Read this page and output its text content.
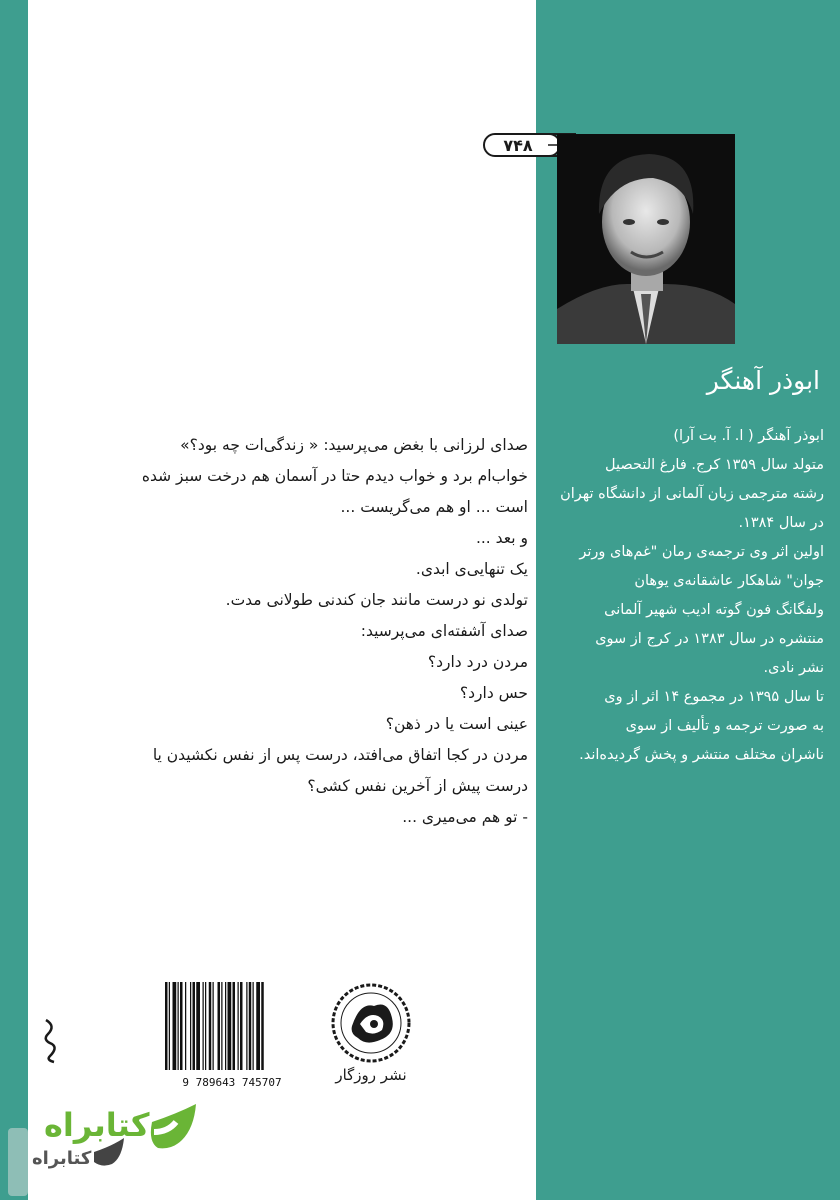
۷۴۸
ابوذر آهنگر

ابوذر آهنگر ( ا. آ. بت آرا)

متولد سال ۱۳۵۹ کرج. فارغ التحصیل

رشته مترجمی زبان آلمانی از دانشگاه تهران

در سال ۱۳۸۴.

اولین اثر وی ترجمه‌ی رمان "غم‌های ورتر

جوان" شاهکار عاشقانه‌ی یوهان

ولفگانگ فون گوته ادیب شهیر آلمانی

منتشره در سال ۱۳۸۳ در کرج از سوی

نشر نادی.

تا سال ۱۳۹۵ در مجموع ۱۴ اثر از وی

به صورت ترجمه و تألیف از سوی

ناشران مختلف منتشر و پخش گردیده‌اند.

صدای لرزانی با بغض می‌پرسید: « زندگی‌ات چه بود؟»

خواب‌ام برد و خواب دیدم حتا در آسمان هم درخت سبز شده

است ... او هم می‌گریست ...

و بعد ...

یک تنهایی‌ی ابدی.

تولدی نو درست مانند جان کندنی طولانی مدت.

صدای آشفته‌ای می‌پرسید:

مردن درد دارد؟

حس دارد؟

عینی است یا در ذهن؟

مردن در کجا اتفاق می‌افتد، درست پس از نفس نکشیدن یا

درست پیش از آخرین نفس کشی؟

- تو هم می‌میری ...

9 789643 745707	نشر روزگار
کتابراه
کتابراه
